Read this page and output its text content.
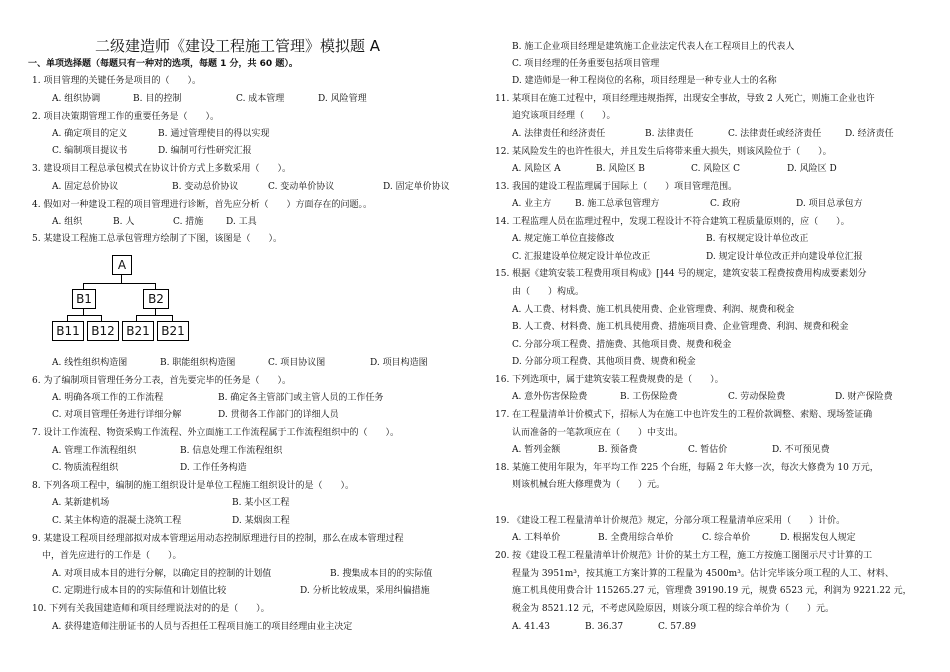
二级建造师《建设工程施工管理》模拟题 A
一、单项选择题（每题只有一种对的选项，每题 1 分，共 60 题）。
1. 项目管理的关键任务是项目的（　　）。
A. 组织协调	B. 目的控制	C. 成本管理	D. 风险管理
2. 项目决策期管理工作的重要任务是（　　）。
A. 确定项目的定义	B. 通过管理使目的得以实现
C. 编制项目提议书	D. 编制可行性研究汇报
3. 建设项目工程总承包模式在协议计价方式上多数采用（　　）。
A. 固定总价协议	B. 变动总价协议	C. 变动单价协议	D. 固定单价协议
4. 假如对一种建设工程的项目管理进行诊断，首先应分析（　　）方面存在的问题。。
A. 组织	B. 人	C. 措施	D. 工具
5. 某建设工程施工总承包管理方绘制了下图，该图是（　　）。
A
B1	B2
B11 B12 B21 B21
A. 线性组织构造图	B. 职能组织构造图	C. 项目协议图	D. 项目构造图
6. 为了编制项目管理任务分工表，首先要完毕的任务是（　　）。
A. 明确各项工作的工作流程	B. 确定各主管部门或主管人员的工作任务
C. 对项目管理任务进行详细分解	D. 贯彻各工作部门的详细人员
7. 设计工作流程、物资采购工作流程、外立面施工工作流程属于工作流程组织中的（　　）。
A. 管理工作流程组织	B. 信息处理工作流程组织
C. 物质流程组织	D. 工作任务构造
8. 下列各项工程中，编制的施工组织设计是单位工程施工组织设计的是（　　）。
A. 某新建机场	B. 某小区工程
C. 某主体构造的混凝土浇筑工程	D. 某烟囱工程
9. 某建设工程项目经理部拟对成本管理运用动态控制原理进行目的控制，那么在成本管理过程
中，首先应进行的工作是（　　）。
A. 对项目成本目的进行分解，以确定目的控制的计划值	B. 搜集成本目的的实际值
C. 定期进行成本目的的实际值和计划值比较	D. 分析比较成果，采用纠偏措施
10. 下列有关我国建造师和项目经理说法对的的是（　　）。
A. 获得建造师注册证书的人员与否担任工程项目施工的项目经理由业主决定
B. 施工企业项目经理是建筑施工企业法定代表人在工程项目上的代表人
C. 项目经理的任务重要包括项目管理
D. 建造师是一种工程岗位的名称，项目经理是一种专业人士的名称
11. 某项目在施工过程中，项目经理违规指挥，出现安全事故，导致 2 人死亡，则施工企业也许
追究该项目经理（　　）。
A. 法律责任和经济责任	B. 法律责任	C. 法律责任或经济责任	D. 经济责任
12. 某风险发生的也许性很大，并且发生后将带来重大损失，则该风险位于（　　）。
A. 风险区 A	B. 风险区 B	C. 风险区 C	D. 风险区 D
13. 我国的建设工程监理属于国际上（　　）项目管理范围。
A. 业主方	B. 施工总承包管理方	C. 政府	D. 项目总承包方
14. 工程监理人员在监理过程中，发现工程设计不符合建筑工程质量原则的，应（　　）。
A. 规定施工单位直接修改	B. 有权规定设计单位改正
C. 汇报建设单位规定设计单位改正	D. 规定设计单位改正并向建设单位汇报
15. 根据《建筑安装工程费用项目构成》[]44 号的规定，建筑安装工程费按费用构成要素划分
由（　　）构成。
A. 人工费、材料费、施工机具使用费、企业管理费、利润、规费和税金
B. 人工费、材料费、施工机具使用费、措施项目费、企业管理费、利润、规费和税金
C. 分部分项工程费、措施费、其他项目费、规费和税金
D. 分部分项工程费、其他项目费、规费和税金
16. 下列选项中，属于建筑安装工程费规费的是（　　）。
A. 意外伤害保险费	B. 工伤保险费	C. 劳动保险费	D. 财产保险费
17. 在工程量清单计价模式下，招标人为在施工中也许发生的工程价款调整、索赔、现场签证确
认而准备的一笔款项应在（　　）中支出。
A. 暂列金额	B. 预备费	C. 暂估价	D. 不可预见费
18. 某施工使用年限为，年平均工作 225 个台班，每隔 2 年大修一次，每次大修费为 10 万元，
则该机械台班大修理费为（　　）元。
19. 《建设工程工程量清单计价规范》规定，分部分项工程量清单应采用（　　）计价。
A. 工料单价	B. 全费用综合单价	C. 综合单价	D. 根据发包人规定
20. 按《建设工程工程量清单计价规范》计价的某土方工程，施工方按施工图图示尺寸计算的工
程量为 3951m³，按其施工方案计算的工程量为 4500m³。估计完毕该分项工程的人工、材料、
施工机具使用费合计 115265.27 元，管理费 39190.19 元，规费 6523 元，利润为 9221.22 元，
税金为 8521.12 元，不考虑风险原因，则该分项工程的综合单价为（　　）元。
A. 41.43	B. 36.37	C. 57.89
